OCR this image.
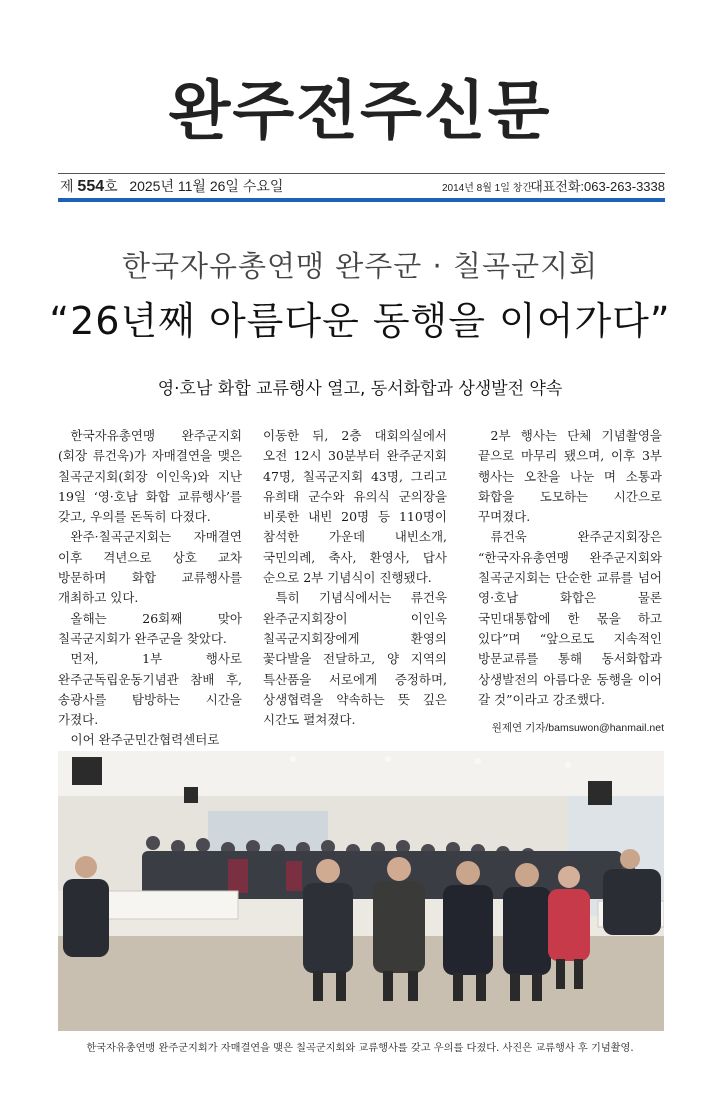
완주전주신문
제 554호 2025년 11월 26일 수요일	2014년 8월 1일 창간
대표전화:063-263-3338
한국자유총연맹 완주군 · 칠곡군지회
“26년째 아름다운 동행을 이어가다”
영·호남 화합 교류행사 열고, 동서화합과 상생발전 약속

한국자유총연맹 완주군지회(회장 류건욱)가 자매결연을 맺은 칠곡군지회(회장 이인욱)와 지난 19일 ‘영·호남 화합 교류행사’를 갖고, 우의를 돈독히 다졌다.

완주·칠곡군지회는 자매결연 이후 격년으로 상호 교차 방문하며 화합 교류행사를 개최하고 있다.

올해는 26회째 맞아 칠곡군지회가 완주군을 찾았다.

먼저, 1부 행사로 완주군독립운동기념관 참배 후, 송광사를 탐방하는 시간을 가졌다.

이어 완주군민간협력센터로

이동한 뒤, 2층 대회의실에서 오전 12시 30분부터 완주군지회 47명, 칠곡군지회 43명, 그리고 유희태 군수와 유의식 군의장을 비롯한 내빈 20명 등 110명이 참석한 가운데 내빈소개, 국민의례, 축사, 환영사, 답사 순으로 2부 기념식이 진행됐다.

특히 기념식에서는 류건욱 완주군지회장이 이인욱 칠곡군지회장에게 환영의 꽃다발을 전달하고, 양 지역의 특산품을 서로에게 증정하며, 상생협력을 약속하는 뜻 깊은 시간도 펼쳐졌다.

2부 행사는 단체 기념촬영을 끝으로 마무리 됐으며, 이후 3부 행사는 오찬을 나눈 며 소통과 화합을 도모하는 시간으로 꾸며졌다.

류건욱 완주군지회장은 “한국자유총연맹 완주군지회와 칠곡군지회는 단순한 교류를 넘어 영·호남 화합은 물론 국민대통합에 한 몫을 하고 있다”며 “앞으로도 지속적인 방문교류를 통해 동서화합과 상생발전의 아름다운 동행을 이어 갈 것”이라고 강조했다.

원제연 기자/bamsuwon@hanmail.net
한국자유총연맹 완주군지회가 자매결연을 맺은 칠곡군지회와 교류행사를 갖고 우의를 다졌다. 사진은 교류행사 후 기념촬영.
